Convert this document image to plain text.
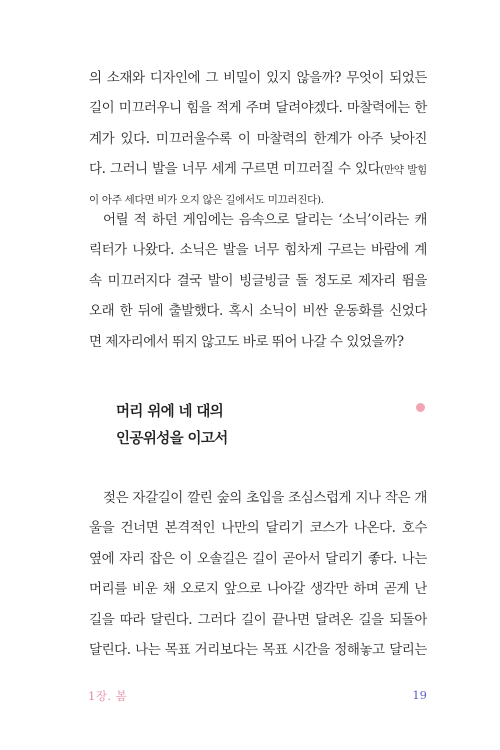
의 소재와 디자인에 그 비밀이 있지 않을까? 무엇이 되었든
길이 미끄러우니 힘을 적게 주며 달려야겠다. 마찰력에는 한
계가 있다. 미끄러울수록 이 마찰력의 한계가 아주 낮아진
다. 그러니 발을 너무 세게 구르면 미끄러질 수 있다(만약 발힘
이 아주 세다면 비가 오지 않은 길에서도 미끄러진다).
어릴 적 하던 게임에는 음속으로 달리는 ‘소닉’이라는 캐
릭터가 나왔다. 소닉은 발을 너무 힘차게 구르는 바람에 계
속 미끄러지다 결국 발이 빙글빙글 돌 정도로 제자리 뜀을
오래 한 뒤에 출발했다. 혹시 소닉이 비싼 운동화를 신었다
면 제자리에서 뛰지 않고도 바로 뛰어 나갈 수 있었을까?
머리 위에 네 대의
인공위성을 이고서
젖은 자갈길이 깔린 숲의 초입을 조심스럽게 지나 작은 개
울을 건너면 본격적인 나만의 달리기 코스가 나온다. 호수
옆에 자리 잡은 이 오솔길은 길이 곧아서 달리기 좋다. 나는
머리를 비운 채 오로지 앞으로 나아갈 생각만 하며 곧게 난
길을 따라 달린다. 그러다 길이 끝나면 달려온 길을 되돌아
달린다. 나는 목표 거리보다는 목표 시간을 정해놓고 달리는
1장. 봄	19
